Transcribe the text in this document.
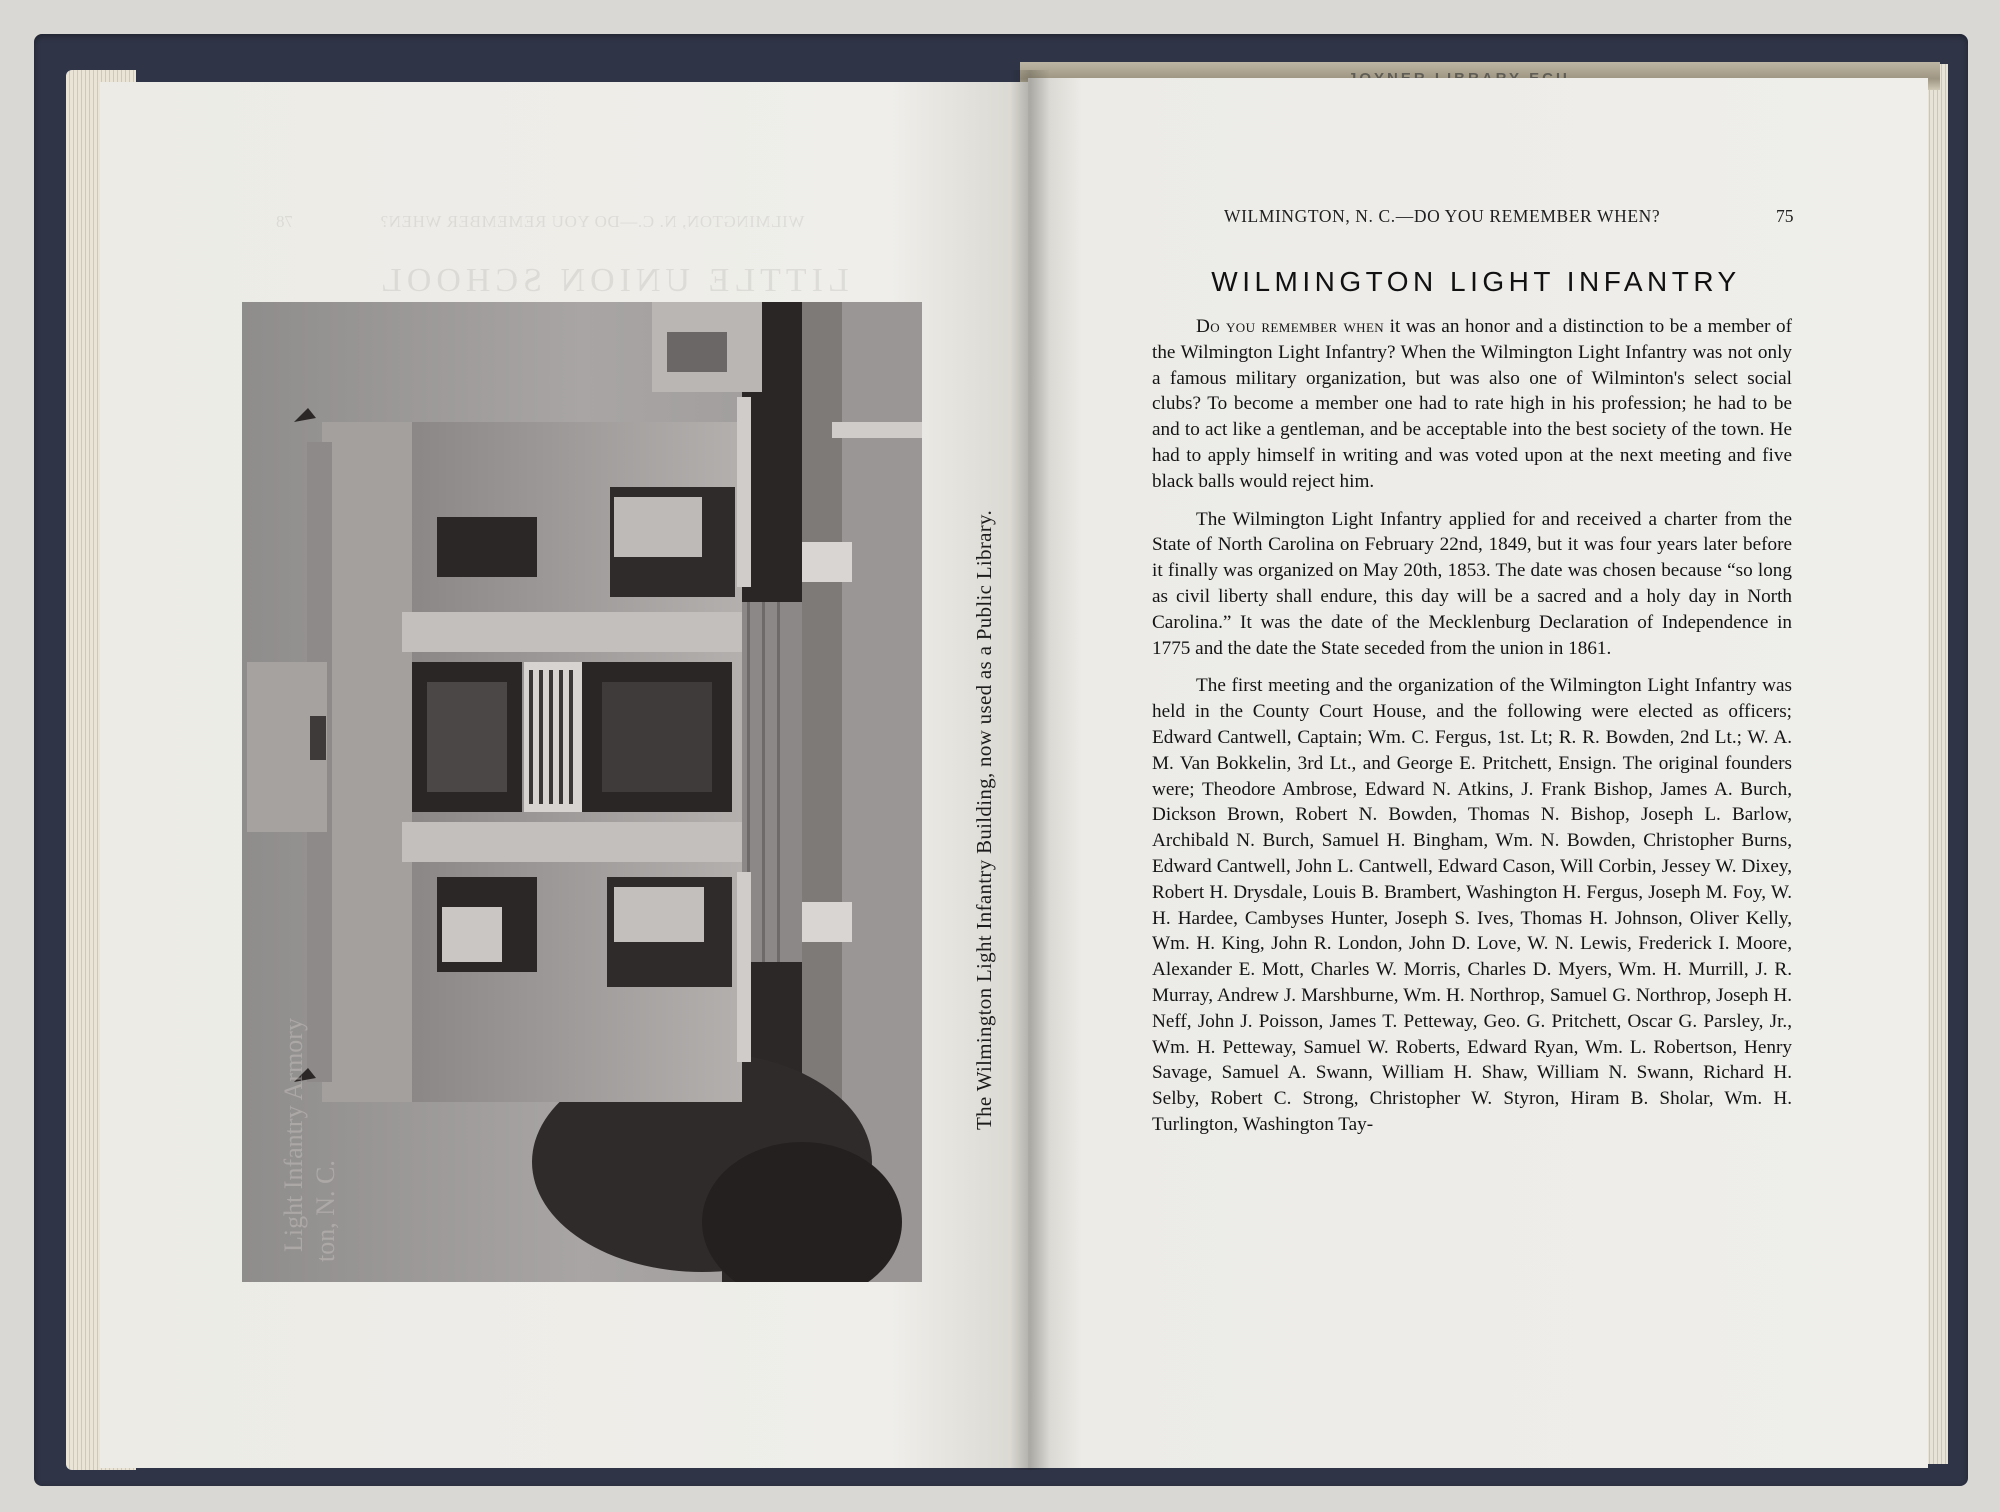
WILMINGTON, N. C.—DO YOU REMEMBER WHEN?
78
LITTLE UNION SCHOOL
Light Infantry Armory ton, N. C.
The Wilmington Light Infantry Building, now used as a Public Library.
WILMINGTON, N. C.—DO YOU REMEMBER WHEN?	75
WILMINGTON LIGHT INFANTRY

Do you remember when it was an honor and a distinction to be a member of the Wilmington Light Infantry? When the Wilmington Light Infantry was not only a famous military organization, but was also one of Wilminton's select social clubs? To become a member one had to rate high in his profession; he had to be and to act like a gentleman, and be acceptable into the best society of the town. He had to apply himself in writing and was voted upon at the next meeting and five black balls would reject him.

The Wilmington Light Infantry applied for and received a charter from the State of North Carolina on February 22nd, 1849, but it was four years later before it finally was organized on May 20th, 1853. The date was chosen because “so long as civil liberty shall endure, this day will be a sacred and a holy day in North Carolina.” It was the date of the Mecklenburg Declaration of Independence in 1775 and the date the State seceded from the union in 1861.

The first meeting and the organization of the Wilmington Light Infantry was held in the County Court House, and the following were elected as officers; Edward Cantwell, Captain; Wm. C. Fergus, 1st. Lt; R. R. Bowden, 2nd Lt.; W. A. M. Van Bokkelin, 3rd Lt., and George E. Pritchett, Ensign. The original founders were; Theodore Ambrose, Edward N. Atkins, J. Frank Bishop, James A. Burch, Dickson Brown, Robert N. Bowden, Thomas N. Bishop, Joseph L. Barlow, Archibald N. Burch, Samuel H. Bingham, Wm. N. Bowden, Christopher Burns, Edward Cantwell, John L. Cantwell, Edward Cason, Will Corbin, Jessey W. Dixey, Robert H. Drysdale, Louis B. Brambert, Washington H. Fergus, Joseph M. Foy, W. H. Hardee, Cambyses Hunter, Joseph S. Ives, Thomas H. Johnson, Oliver Kelly, Wm. H. King, John R. London, John D. Love, W. N. Lewis, Frederick I. Moore, Alexander E. Mott, Charles W. Morris, Charles D. Myers, Wm. H. Murrill, J. R. Murray, Andrew J. Marshburne, Wm. H. Northrop, Samuel G. Northrop, Joseph H. Neff, John J. Poisson, James T. Petteway, Geo. G. Pritchett, Oscar G. Parsley, Jr., Wm. H. Petteway, Samuel W. Roberts, Edward Ryan, Wm. L. Robertson, Henry Savage, Samuel A. Swann, William H. Shaw, William N. Swann, Richard H. Selby, Robert C. Strong, Christopher W. Styron, Hiram B. Sholar, Wm. H. Turlington, Washington Tay-
